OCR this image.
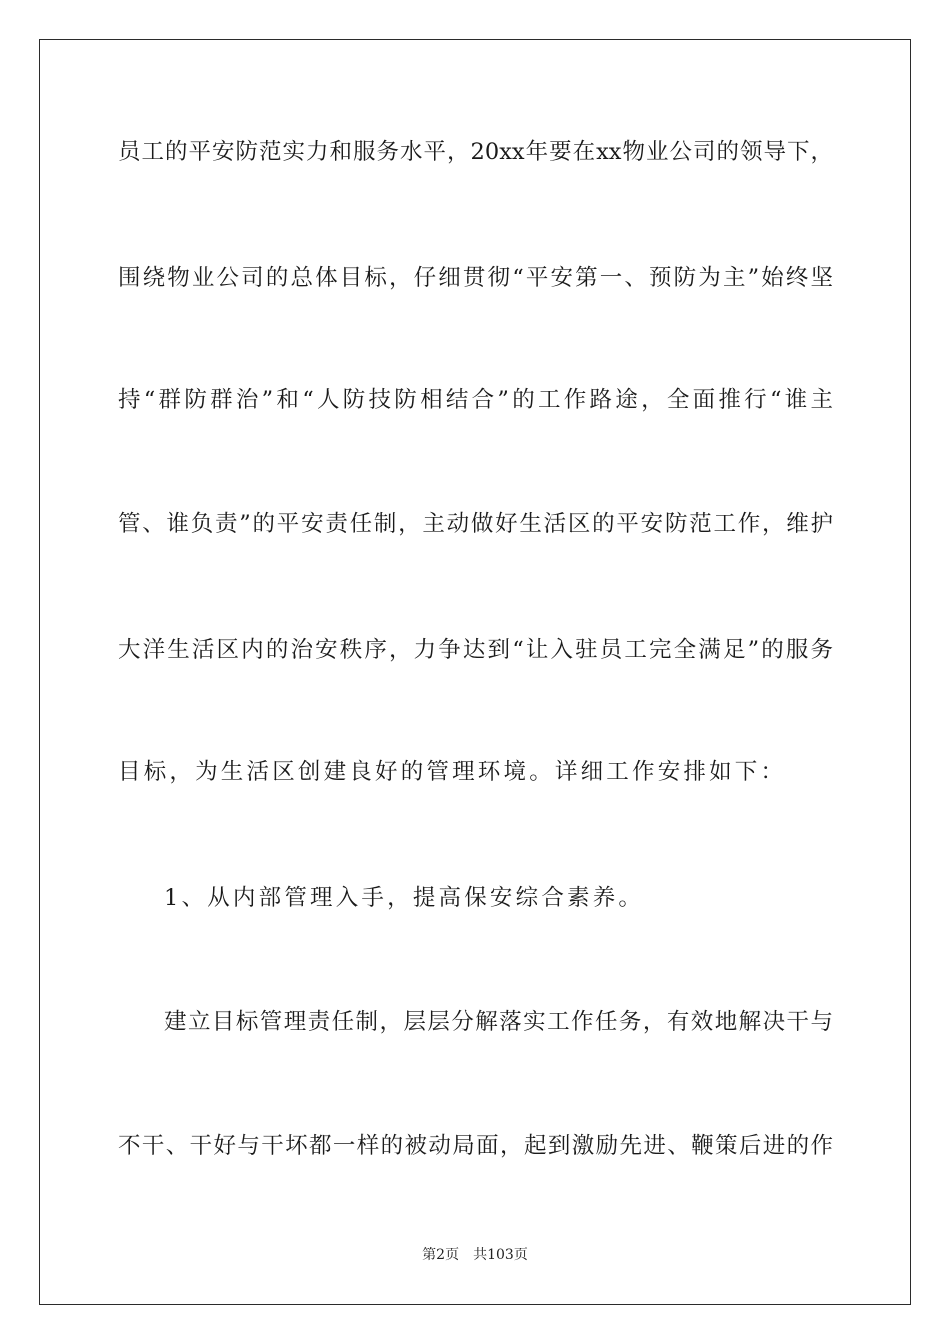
员工的平安防范实力和服务水平，20xx年要在xx物业公司的领导下，
围绕物业公司的总体目标，仔细贯彻“平安第一、预防为主”始终坚
持“群防群治”和“人防技防相结合”的工作路途，全面推行“谁主
管、谁负责”的平安责任制，主动做好生活区的平安防范工作，维护
大洋生活区内的治安秩序，力争达到“让入驻员工完全满足”的服务
目标，为生活区创建良好的管理环境。详细工作安排如下：
1、从内部管理入手，提高保安综合素养。
建立目标管理责任制，层层分解落实工作任务，有效地解决干与
不干、干好与干坏都一样的被动局面，起到激励先进、鞭策后进的作
第2页 共103页
